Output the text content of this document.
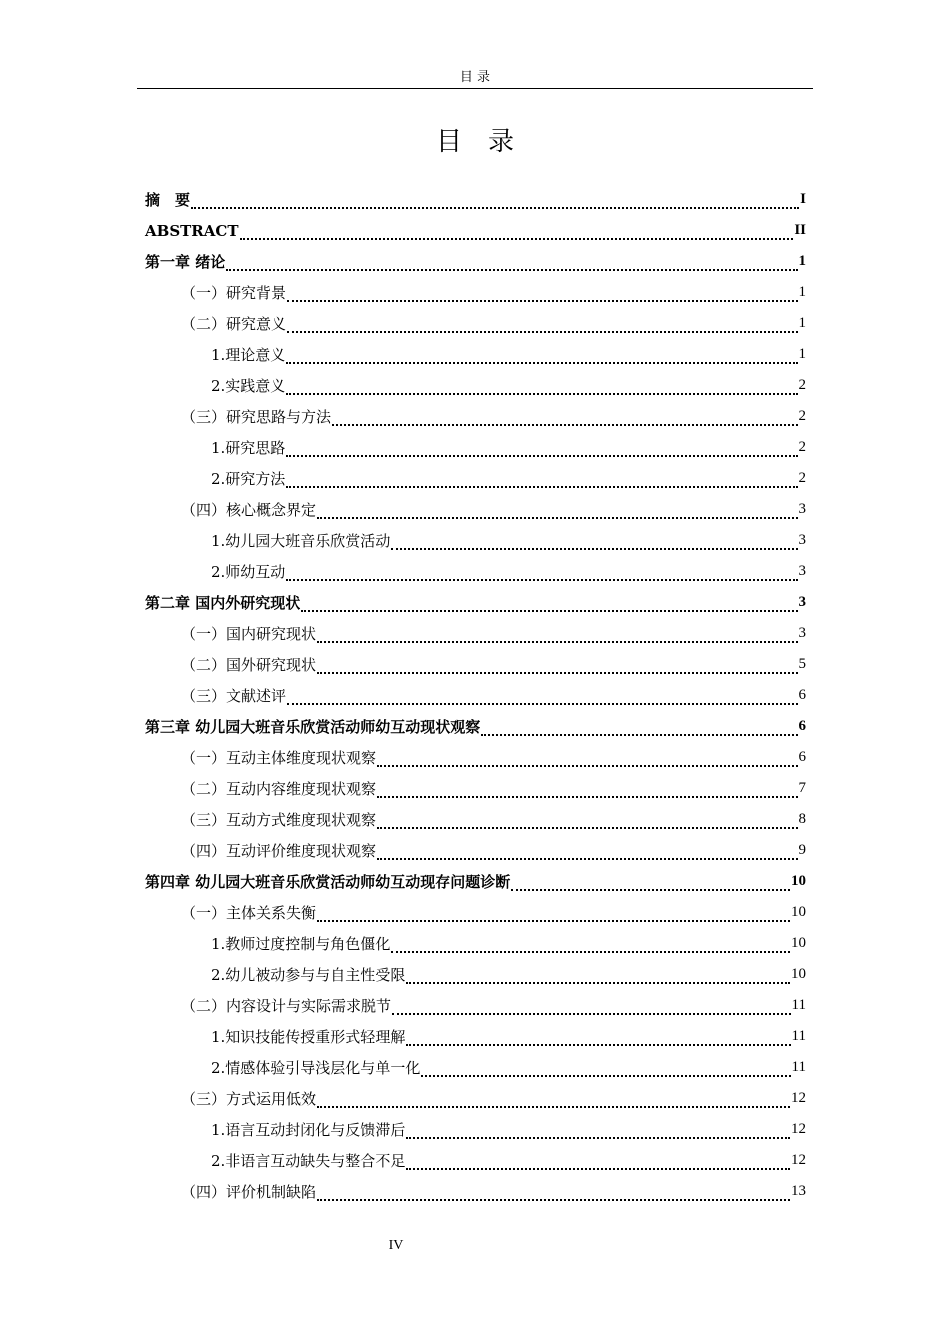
目 录
目　录
摘　要	I
ABSTRACT	II
第一章 绪论	1
（一）研究背景	1
（二）研究意义	1
1.理论意义	1
2.实践意义	2
（三）研究思路与方法	2
1.研究思路	2
2.研究方法	2
（四）核心概念界定	3
1.幼儿园大班音乐欣赏活动	3
2.师幼互动	3
第二章 国内外研究现状	3
（一）国内研究现状	3
（二）国外研究现状	5
（三）文献述评	6
第三章 幼儿园大班音乐欣赏活动师幼互动现状观察	6
（一）互动主体维度现状观察	6
（二）互动内容维度现状观察	7
（三）互动方式维度现状观察	8
（四）互动评价维度现状观察	9
第四章 幼儿园大班音乐欣赏活动师幼互动现存问题诊断	10
（一）主体关系失衡	10
1.教师过度控制与角色僵化	10
2.幼儿被动参与与自主性受限	10
（二）内容设计与实际需求脱节	11
1.知识技能传授重形式轻理解	11
2.情感体验引导浅层化与单一化	11
（三）方式运用低效	12
1.语言互动封闭化与反馈滞后	12
2.非语言互动缺失与整合不足	12
（四）评价机制缺陷	13
IV
